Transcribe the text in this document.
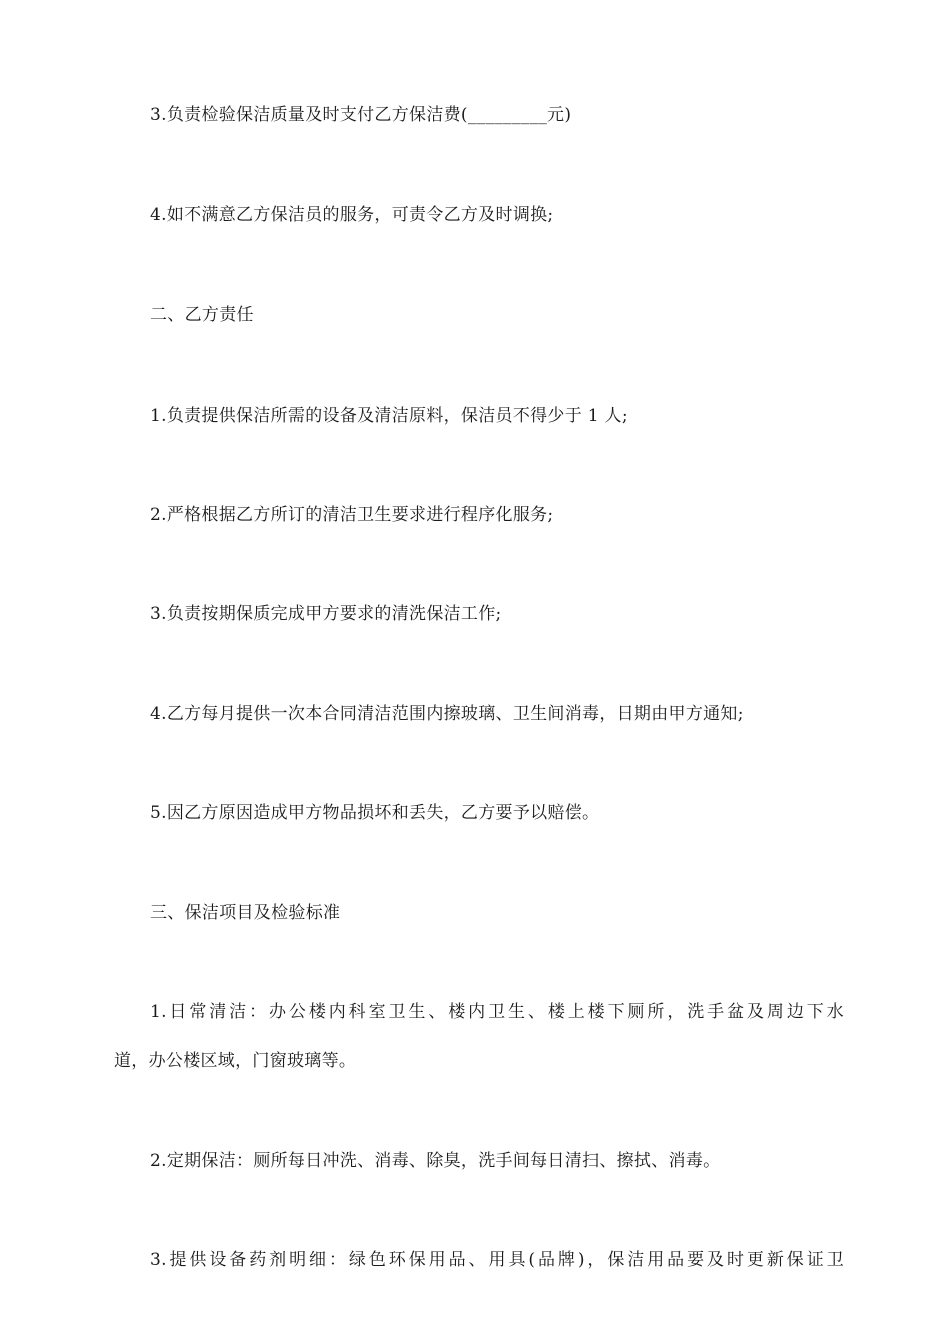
3.负责检验保洁质量及时支付乙方保洁费(_________元)
4.如不满意乙方保洁员的服务，可责令乙方及时调换;
二、乙方责任
1.负责提供保洁所需的设备及清洁原料，保洁员不得少于 1 人;
2.严格根据乙方所订的清洁卫生要求进行程序化服务;
3.负责按期保质完成甲方要求的清洗保洁工作;
4.乙方每月提供一次本合同清洁范围内擦玻璃、卫生间消毒，日期由甲方通知;
5.因乙方原因造成甲方物品损坏和丢失，乙方要予以赔偿。
三、保洁项目及检验标准
1.日常清洁：办公楼内科室卫生、楼内卫生、楼上楼下厕所，洗手盆及周边下水
道，办公楼区域，门窗玻璃等。
2.定期保洁：厕所每日冲洗、消毒、除臭，洗手间每日清扫、擦拭、消毒。
3.提供设备药剂明细：绿色环保用品、用具(品牌)，保洁用品要及时更新保证卫
